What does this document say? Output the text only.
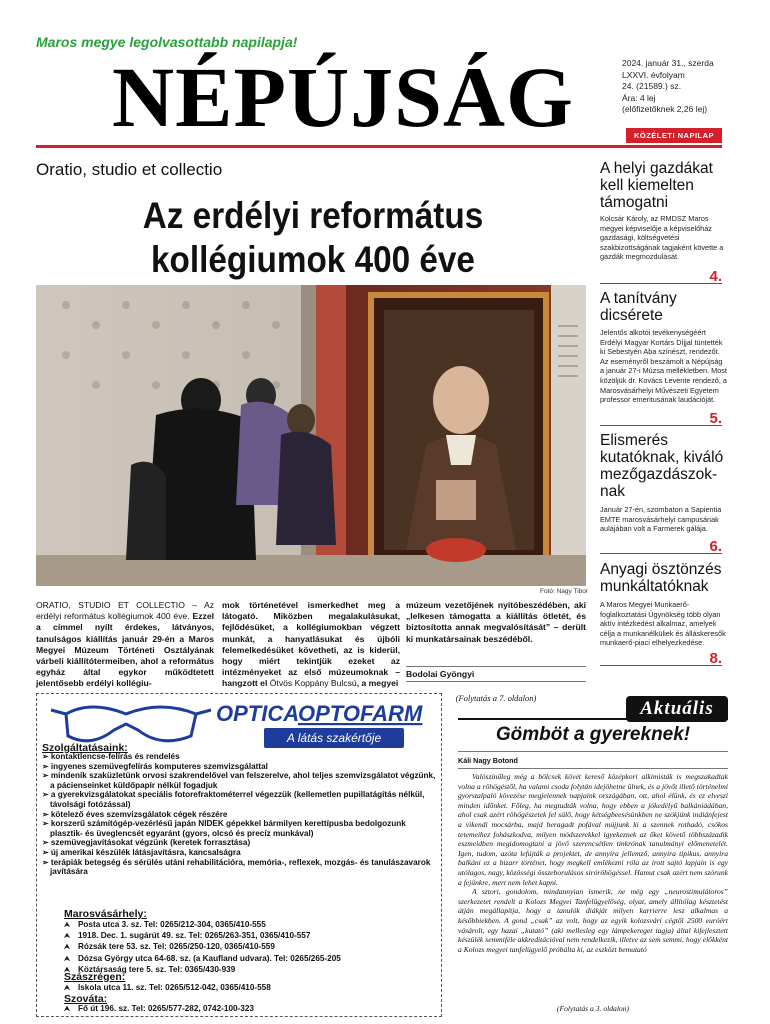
Maros megye legolvasottabb napilapja!
NÉPÚJSÁG	2024. január 31., szerda
LXXVI. évfolyam
24. (21589.) sz.
Ára: 4 lej
(előfizetőknek 2,26 lej)
KÖZÉLETI NAPILAP
Oratio, studio et collectio
Az erdélyi református kollégiumok 400 éve
Fotó: Nagy Tibor
ORATIO, STUDIO ET COLLECTIO – Az erdélyi református kollégiumok 400 éve. Ezzel a címmel nyílt érdekes, látványos, tanulságos kiállítás január 29-én a Maros Megyei Múzeum Történeti Osztályának várbeli kiállítótermeiben, ahol a református egyház által egykor működtetett jelentősebb erdélyi kollégiu-
mok történetével ismerkedhet meg a látogató. Miközben megalakulásukat, fejlődésüket, a kollégiumokban végzett munkát, a hanyatlásukat és újbóli felemelkedésüket követheti, az is kiderül, hogy miért tekintjük ezeket az intézményeket az első múzeumoknak – hangzott el Ötvös Koppány Bulcsú, a megyei
múzeum vezetőjének nyitóbeszédében, aki „lelkesen támogatta a kiállítás ötletét, és biztosította annak megvalósítását” – derült ki munkatársainak beszédéből.
Bodolai Gyöngyi
(Folytatás a 7. oldalon)
A helyi gazdákat kell kiemelten támogatni
Kolcsár Károly, az RMDSZ Maros megyei képviselője a képviselőház gazdasági, költségvetési szakbizottságának tagjaként követte a gazdák megmozdulását.
4.
A tanítvány dicsérete
Jelentős alkotói tevékenységéért Erdélyi Magyar Kortárs Díjjal tüntették ki Sebestyén Aba színészt, rendezőt. Az eseményről beszámolt a Népújság a január 27-i Múzsa mellékletben. Most közöljük dr. Kovács Levente rendező, a Marosvásárhelyi Művészeti Egyetem professor emeritusának laudációját.
5.
Elismerés kutatóknak, kiváló mezőgazdászok-nak
Január 27-én, szombaton a Sapientia EMTE marosvásárhelyi campusának aulájában volt a Farmerek gálája.
6.
Anyagi ösztönzés munkáltatóknak
A Maros Megyei Munkaerő-foglalkoztatási Ügynökség több olyan aktív intézkedést alkalmaz, amelyek célja a munkanélküliek és álláskeresők munkaerő-piaci elhelyezkedése.
8.
OPTICA
OPTOFARM
A látás szakértője
Szolgáltatásaink:
➢ kontaktlencse-felírás és rendelés
➢ ingyenes szemüvegfelírás komputeres szemvizsgálattal
➢ mindenik szaküzletünk orvosi szakrendelővel van felszerelve, ahol teljes szemvizsgálatot végzünk, a pácienseinket küldőpapír nélkül fogadjuk
➢ a gyerekvizsgálatokat speciális fotorefraktométerrel végezzük (kellemetlen pupillatágítás nélkül, távolsági fotózással)
➢ kötelező éves szemvizsgálatok cégek részére
➢ korszerű számítógép-vezérlésű japán NIDEK gépekkel bármilyen kerettípusba bedolgozunk plasztik- és üveglencsét egyaránt (gyors, olcsó és precíz munkával)
➢ szemüvegjavításokat végzünk (keretek forrasztása)
➢ új amerikai készülék látásjavításra, kancsalságra
➢ terápiák betegség és sérülés utáni rehabilitációra, memória-, reflexek, mozgás- és tanulászavarok javítására
Marosvásárhely:
⮝ Posta utca 3. sz. Tel: 0265/212-304, 0365/410-555
⮝ 1918. Dec. 1. sugárút 49. sz. Tel: 0265/263-351, 0365/410-557
⮝ Rózsák tere 53. sz. Tel: 0265/250-120, 0365/410-559
⮝ Dózsa György utca 64-68. sz. (a Kaufland udvara). Tel: 0265/265-205
⮝ Köztársaság tere 5. sz. Tel: 0365/430-939
Szászrégen:
⮝ Iskola utca 11. sz. Tel: 0265/512-042, 0365/410-558
Szováta:
⮝ Fő út 196. sz. Tel: 0265/577-282, 0742-100-323
Aktuális
Gömböt a gyereknek!
Káli Nagy Botond

Valószínűleg még a bölcsek kövét kereső középkori alkimisták is megszakadtak volna a röhögéstől, ha valami csoda folytán idejöhetne ülnek, és a jövőt illető történelmi gyorstalpaló kövezése megjelennek napjaink országában, ott, ahol élünk, és ez elveszi minden időnket. Főleg, ha megtudták volna, hogy ebben a jókedélyű balkániádában, ahol csak azért röhögészetek fel sülő, hogy kétségbeesésünkben ne szökjünk indiánfejest a vikendi mocsárba, majd beragadt pofával mújjunk ki a szennek rothadó, csókos tetemeihez fohászkodva, milyen módszerekkel igyekeznek az őket követő többszázadik eszmeidben megidomogtani a jövő szerencsétlen tinkrónak tanulmányi előmenetelét. Igen, tudom, azóta lefújták a projektet, de annyira jellemző, annyira tipikus, annyira balkáni ez a bizarr történet, hogy megkell emlékezni róla az írott sajtó lapjain is egy utólagos, nagy, közösségi összeborulásos siróröhögéssel. Hamut csak azért nem szórunk a fejünkre, mert nem lehet kapni.

A sztori, gondolom, mindannyian ismerik, ne még egy „neurostimulátoros” szerkezetet rendelt a Kolozs Megyei Tanfelügyelőség, olyat, amely állítólag késztetést útján megállapítja, hogy a tanulók diákját milyen karrierre lesz alkalmas a későbbiekben. A gond „csak” az volt, hogy az egyik kolozsvári cégtől 2500 euróért vásárolt, egy hazai „kutató” (aki mellesleg egy lámpekereget tagja) által kifejlesztett készülék semmiféle akkreditációval nem rendelkezik, illetve az sem semmi, hogy előkként a Kolozs megyei tanfelügyelő próbálta ki, az eszközt bemutató

(Folytatás a 3. oldalon)
